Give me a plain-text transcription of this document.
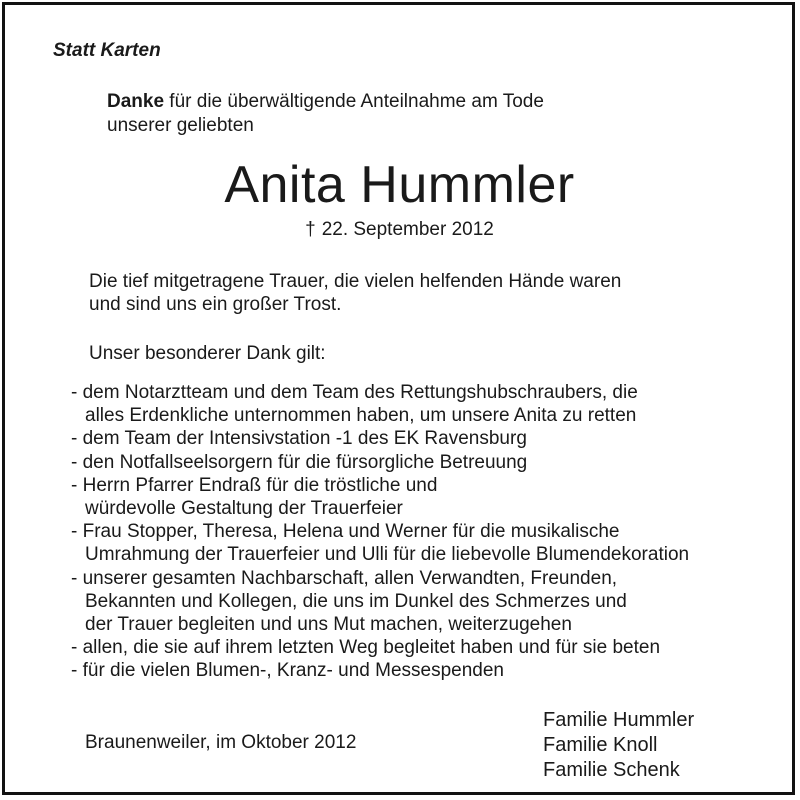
Statt Karten
Danke für die überwältigende Anteilnahme am Tode
unserer geliebten
Anita Hummler
† 22. September 2012
Die tief mitgetragene Trauer, die vielen helfenden Hände waren
und sind uns ein großer Trost.
Unser besonderer Dank gilt:
- dem Notarztteam und dem Team des Rettungshubschraubers, die
alles Erdenkliche unternommen haben, um unsere Anita zu retten
- dem Team der Intensivstation -1 des EK Ravensburg
- den Notfallseelsorgern für die fürsorgliche Betreuung
- Herrn Pfarrer Endraß für die tröstliche und
würdevolle Gestaltung der Trauerfeier
- Frau Stopper, Theresa, Helena und Werner für die musikalische
Umrahmung der Trauerfeier und Ulli für die liebevolle Blumendekoration
- unserer gesamten Nachbarschaft, allen Verwandten, Freunden,
Bekannten und Kollegen, die uns im Dunkel des Schmerzes und
der Trauer begleiten und uns Mut machen, weiterzugehen
- allen, die sie auf ihrem letzten Weg begleitet haben und für sie beten
- für die vielen Blumen-, Kranz- und Messespenden
Braunenweiler, im Oktober 2012
Familie Hummler
Familie Knoll
Familie Schenk
